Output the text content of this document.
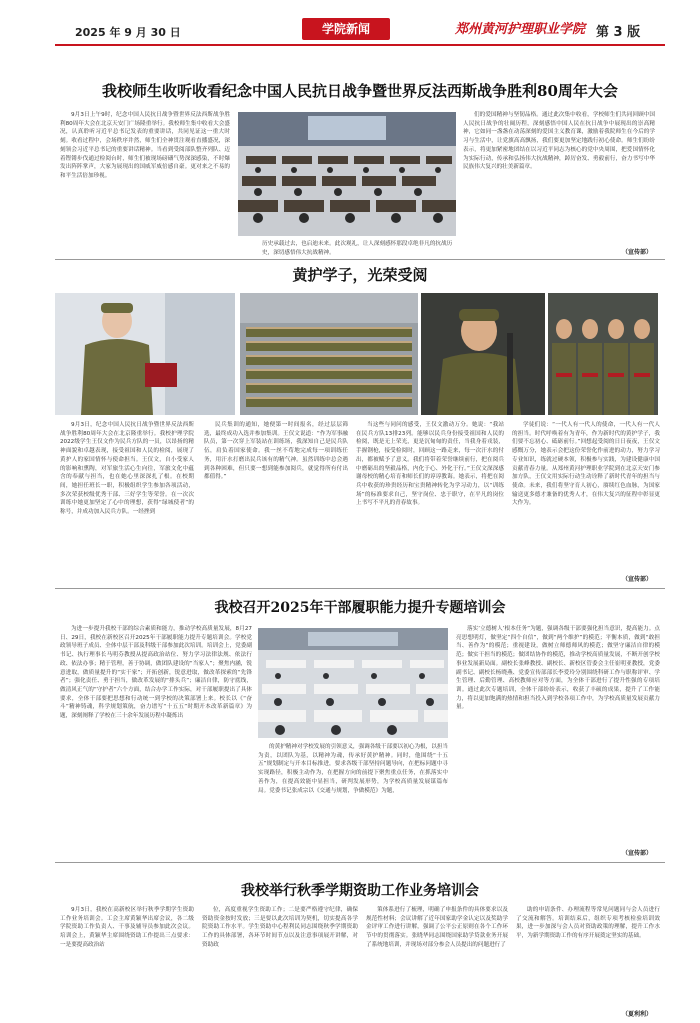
2025 年 9 月 30 日	学院新闻	郑州黄河护理职业学院 第 3 版
我校师生收听收看纪念中国人民抗日战争暨世界反法西斯战争胜利80周年大会

9月3日上午9时，纪念中国人民抗日战争暨世界反法西斯战争胜利80周年大会在北京天安门广场隆重举行。我校师生集中收看大会盛况，认真聆听习近平总书记发表的重要讲话，共同见证这一重大时刻。收看过程中，会场秩序井然，师生们全神贯注观看直播盛况，深刻领会习近平总书记的重要讲话精神。当看到受阅部队整齐列队、迈着铿锵步伐通过检阅台时，师生们被现场磅礴气势深深感染，不时爆发出阵阵掌声，大家为展现出的国威军威倍感自豪。更对来之不易的和平生活倍加珍视。

历史承载过去，也启迪未来。此次观礼，让人深刻感怀那段卓绝非凡的抗战历史，深切感悟伟大抗战精神。

们的爱国精神与坚韧品格。通过此次集中收看，学校师生们共同回顾中国人民抗日战争的壮阔历程，深刻感悟中国人民在抗日战争中展现出的崇高精神，它如同一盏盏在动荡深刻的爱国主义教育课，激励着我院师生在今后的学习与生活中，让党旗高高飘扬，我们要更加坚定地践行初心使命。师生们纷纷表示，将更加紧密地团结在以习近平同志为核心的党中央周围，把爱国情怀化为实际行动，传承和弘扬伟大抗战精神，踔厉奋发、勇毅前行，奋力书写中华民族伟大复兴的壮美新篇章。

（宣传部）
黄护学子，光荣受阅

9月3日，纪念中国人民抗日战争暨世界反法西斯战争胜利80周年大会在北京隆重举行。我校护理学院2022级学生王仅文作为民兵方队的一员，以昂扬的精神面貌和卓越表现，接受祖国和人民的检阅，展现了黄护人的家国情怀与使命担当。王仅文，自小受家人的影响和熏陶，对军旅生活心生向往，军旅文化中蕴含的奉献与担当，也在她心里深深扎了根。在校期间，她担任班长一职，积极组织学生参加各项活动，多次荣获校级优秀干部、三好学生等荣誉。在一次次训练中她更加坚定了心中的理想，获得“绿城使者”的称号，并成功加入民兵方队。一经挫到

民兵集训的通知，她便第一时间报名，经过层层筛选，最终成功入选并参加集训。王仅文说道：“作为军事融队员，第一次穿上军装站在训练场，我深知自己是民兵队伍，肩负着国家使命。我一丝不苟地完成每一项训练任务，用汗水打磨出民兵该有的精气神。虽然训练中总会遇到各种困难，但只要一想到能参加阅兵，就觉得所有付出都值得。”

当这些与同问的感受，王仅文激动万分。她说：“我站在民兵方队13排23列。能够以民兵身份接受祖国和人民的检阅，既是无上荣光，更是沉甸甸的责任，当我身着戎装，手握钢枪，接受检阅时，回顾这一路走来，每一次汗水的付出，都被赋予了意义。我们将带着荣誉继续前行，把在阅兵中磨砺出的坚毅品格，内化于心、外化于行。”王仅文深深感谢母校的精心培育和师长们的谆谆教诲。她表示，将把在阅兵中收获的珍贵经历和宝贵精神转化为学习动力，以“训练场”的标准要求自己，坚守岗位、忠于职守，在平凡的岗位上书写不平凡的青春故事。

学徒们说：“一代人有一代人的使命，一代人有一代人的担当。时代呼唤着有为青年，作为新时代的黄护学子，我们要不忘初心、砥砺前行。”回想起受阅的日日夜夜，王仅文感慨万分，她表示会把这份荣誉化作前进的动力，努力学习专业知识，练就过硬本领，积极参与实践，为建设健康中国贡献青春力量。从郑州黄河护理职业学院到在北京天安门参加方队，王仅文用实际行动生动诠释了新时代青年的担当与使命。未来，我们将坚守育人初心，赓续红色血脉，为国家输送更多德才兼备的优秀人才，在伟大复兴的征程中彰显更大作为。

（宣传部）
我校召开2025年干部履职能力提升专题培训会

为进一步提升我校干部的综合素质和能力，推动学校高质量发展，8月27日、29日，我校在新校区召开2025年干部履职能力提升专题培训会。学校党政领导班子成员、全体中层干部及科级干部参加此次培训。培训会上，党委副书记、执行理事长马明芬教授从提高政治站位、努力学习法律法规、依法行政、依法办事；精于管理，善于协调，做团队建设的“当家人”；聚焦内涵，锐意进取，做质量提升的“实干家”；开拓创新，锐意进取，做改革探索的“先锋者”；强化责任、勇于担当，做改革发展的“排头兵”；廉洁自律，防守底线，做清风正气的“守护者”六个方面，结合办学工作实际，对干部履职提出了具体要求，全体干部要把思想和行动统一到学校的决策部署上来。校长以《“奋斗”精神铸魂，科学规划策航，奋力谱写“十五五”时期开本改革新篇章》为题，深刻阐释了学校在三十余年发展历程中凝炼出

的黄护精神对学校发展的引领意义，强调各级干部要以初心为根，以担当为责，以团队为基，以精神为魂，传承好黄护精神。同时，他围绕“十五五”规划制定与开本目标推进，要求各级干部坚持问题导向，在把标问题中寻实现路径，积极主动作为，在把握方向的前提下聚焦重点任务，在抓落实中善作为，在提高效能中显担当，研判发展形势，为学校高质量发展谋篇布局。党委书记张成宗以《交通与规划，争做模范》为题，

落实‘立德树人’根本任务”为题，强调各级干部要强化担当意识，提高能力。点亮思想明灯，做坚定“四个自信”，做到“两个维护”的模范；平衡本质，做到“敢担当、善作为”的模范；重视建设，做树立师德师风的模范；做坚守廉洁自律的模范；做实干担当的模范；做团结协作的模范，推动学校高质量发展，不断开创学校事业发展新局面。副校长张峰教授、副校长、新校区管委会主任崔明亚教授，党委副书记、副校长杨晓燕、党委宣传部部长李爱玲分别围绕科研工作与职称评审、学生管理、后勤管理、高校教师应对等方面，为全体干部进行了提升性强的专项培训。通过此次专题培训，全体干部纷纷表示，收获了丰硕的成果，提升了工作能力，将以更加饱满的热情和担当投入到学校各项工作中，为学校高质量发展贡献力量。

（宣传部）
我校举行秋季学期资助工作业务培训会

9月3日，我校在高新校区举行秋季学期学生资助工作业务培训会。工会主席黄颖华出席会议，各二级学院资助工作负责人、干事及辅导员参加此次会议。培训会上，黄颖华主席围绕资助工作提出三点要求：一是要提高政治站

位，高度重视学生资助工作；二是要严格遵守纪律，确保资助资金按时发放；三是要以此次培训为契机，切实提高各学院资助工作水平。学生资助中心程利民同志围绕秋季学期资助工作的具体部署，各环节时间节点以及注意事项展开讲解，对资助政

策体系进行了梳理，明确了申报条件的具体要求以及规范性材料；会议讲解了近年国家助学金认定以及奖助学金评审工作进行讲解，强调了公平公正原则在各个工作环节中的贯彻落实。张晓华同志围绕国家助学贷款业务开展了系统地培训，并现场对部分参会人员提出的问题进行了

助的申请条件、办理流程等常见问题同与会人员进行了交流和解答。培训结束后，组织专项考核检验培训效果，进一步加深与会人员对资助政策的理解，提升工作水平，为新学期资助工作的有序开展奠定坚实的基础。

（夏利利）
